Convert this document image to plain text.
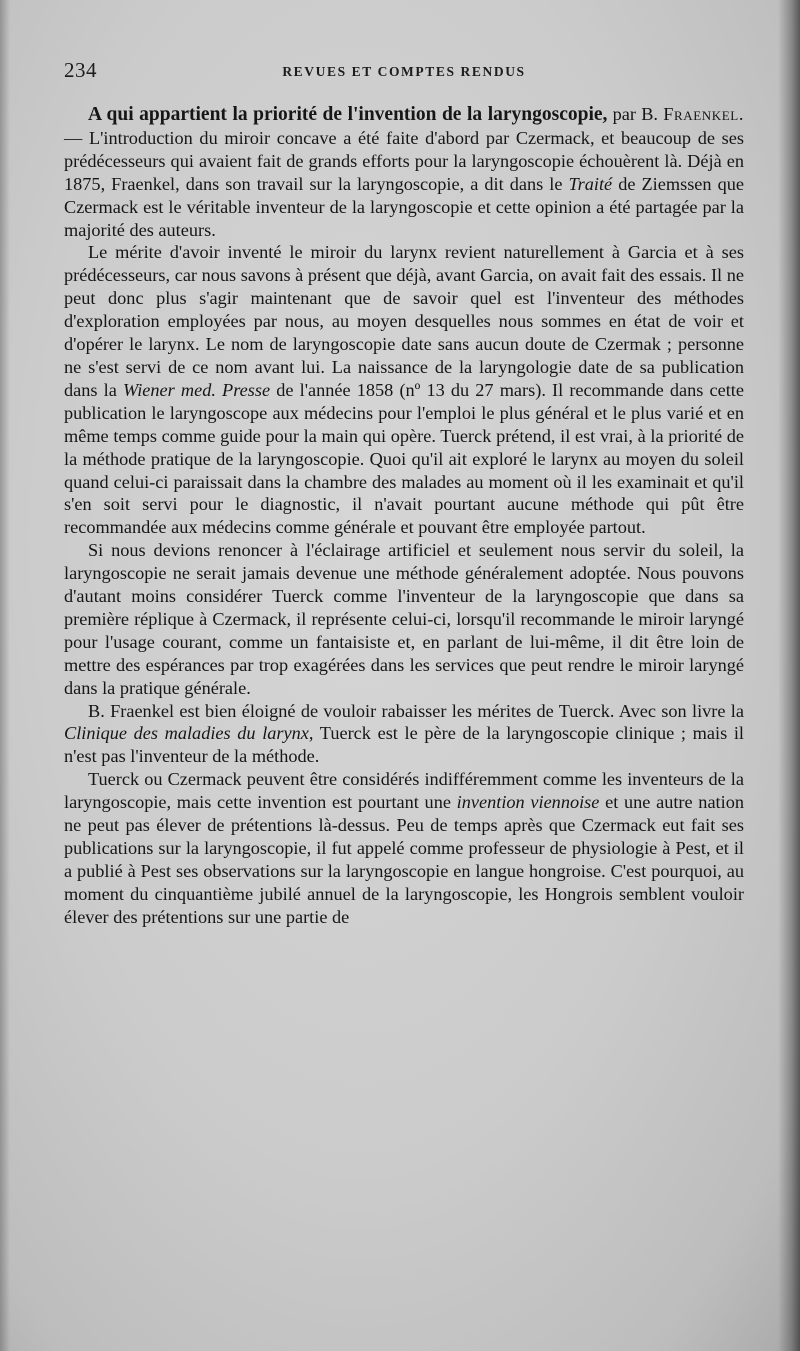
234	REVUES ET COMPTES RENDUS

A qui appartient la priorité de l'invention de la laryngoscopie, par B. Fraenkel. — L'introduction du miroir concave a été faite d'abord par Czermack, et beaucoup de ses prédécesseurs qui avaient fait de grands efforts pour la laryngoscopie échouèrent là. Déjà en 1875, Fraenkel, dans son travail sur la laryngoscopie, a dit dans le Traité de Ziemssen que Czermack est le véritable inventeur de la laryngoscopie et cette opinion a été partagée par la majorité des auteurs.

Le mérite d'avoir inventé le miroir du larynx revient naturellement à Garcia et à ses prédécesseurs, car nous savons à présent que déjà, avant Garcia, on avait fait des essais. Il ne peut donc plus s'agir maintenant que de savoir quel est l'inventeur des méthodes d'exploration employées par nous, au moyen desquelles nous sommes en état de voir et d'opérer le larynx. Le nom de laryngoscopie date sans aucun doute de Czermak ; personne ne s'est servi de ce nom avant lui. La naissance de la laryngologie date de sa publication dans la Wiener med. Presse de l'année 1858 (nº 13 du 27 mars). Il recommande dans cette publication le laryngoscope aux médecins pour l'emploi le plus général et le plus varié et en même temps comme guide pour la main qui opère. Tuerck prétend, il est vrai, à la priorité de la méthode pratique de la laryngoscopie. Quoi qu'il ait exploré le larynx au moyen du soleil quand celui-ci paraissait dans la chambre des malades au moment où il les examinait et qu'il s'en soit servi pour le diagnostic, il n'avait pourtant aucune méthode qui pût être recommandée aux médecins comme générale et pouvant être employée partout.

Si nous devions renoncer à l'éclairage artificiel et seulement nous servir du soleil, la laryngoscopie ne serait jamais devenue une méthode généralement adoptée. Nous pouvons d'autant moins considérer Tuerck comme l'inventeur de la laryngoscopie que dans sa première réplique à Czermack, il représente celui-ci, lorsqu'il recommande le miroir laryngé pour l'usage courant, comme un fantaisiste et, en parlant de lui-même, il dit être loin de mettre des espérances par trop exagérées dans les services que peut rendre le miroir laryngé dans la pratique générale.

B. Fraenkel est bien éloigné de vouloir rabaisser les mérites de Tuerck. Avec son livre la Clinique des maladies du larynx, Tuerck est le père de la laryngoscopie clinique ; mais il n'est pas l'inventeur de la méthode.

Tuerck ou Czermack peuvent être considérés indifféremment comme les inventeurs de la laryngoscopie, mais cette invention est pourtant une invention viennoise et une autre nation ne peut pas élever de prétentions là-dessus. Peu de temps après que Czermack eut fait ses publications sur la laryngoscopie, il fut appelé comme professeur de physiologie à Pest, et il a publié à Pest ses observations sur la laryngoscopie en langue hongroise. C'est pourquoi, au moment du cinquantième jubilé annuel de la laryngoscopie, les Hongrois semblent vouloir élever des prétentions sur une partie de
